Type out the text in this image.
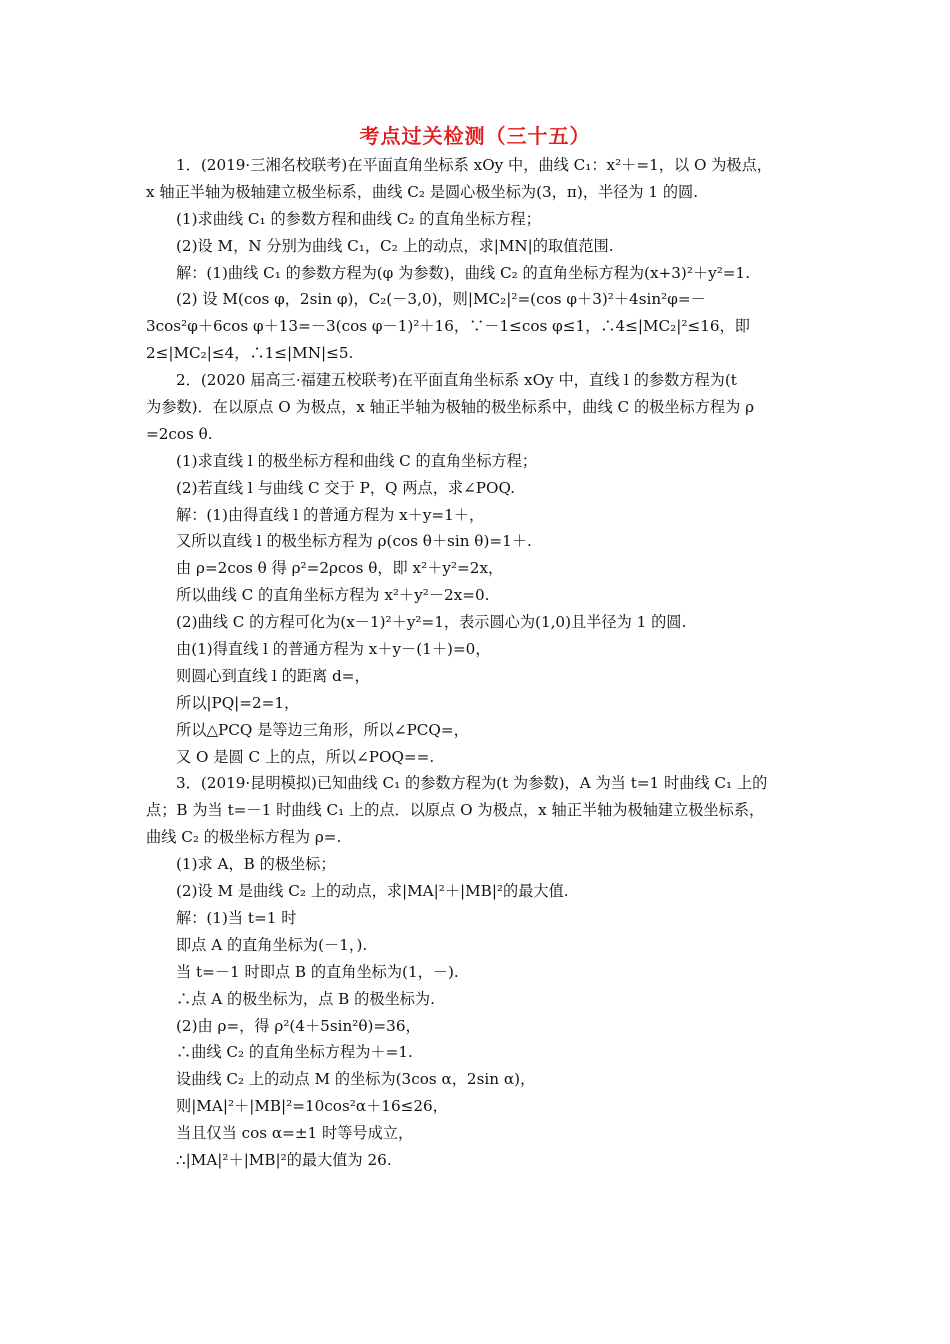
考点过关检测（三十五）
1．(2019·三湘名校联考)在平面直角坐标系 xOy 中，曲线 C₁：x²＋=1，以 O 为极点，
x 轴正半轴为极轴建立极坐标系，曲线 C₂ 是圆心极坐标为(3，π)，半径为 1 的圆.
(1)求曲线 C₁ 的参数方程和曲线 C₂ 的直角坐标方程；
(2)设 M，N 分别为曲线 C₁，C₂ 上的动点，求|MN|的取值范围.
解：(1)曲线 C₁ 的参数方程为(φ 为参数)，曲线 C₂ 的直角坐标方程为(x+3)²＋y²=1.
(2) 设 M(cos φ，2sin φ)，C₂(－3,0)，则|MC₂|²=(cos φ＋3)²＋4sin²φ=－
3cos²φ＋6cos φ＋13=－3(cos φ－1)²＋16，∵－1≤cos φ≤1，∴4≤|MC₂|²≤16，即
2≤|MC₂|≤4，∴1≤|MN|≤5.
2．(2020 届高三·福建五校联考)在平面直角坐标系 xOy 中，直线 l 的参数方程为(t
为参数)．在以原点 O 为极点，x 轴正半轴为极轴的极坐标系中，曲线 C 的极坐标方程为 ρ
=2cos θ.
(1)求直线 l 的极坐标方程和曲线 C 的直角坐标方程；
(2)若直线 l 与曲线 C 交于 P，Q 两点，求∠POQ.
解：(1)由得直线 l 的普通方程为 x＋y=1＋，
又所以直线 l 的极坐标方程为 ρ(cos θ＋sin θ)=1＋.
由 ρ=2cos θ 得 ρ²=2ρcos θ，即 x²＋y²=2x，
所以曲线 C 的直角坐标方程为 x²＋y²－2x=0.
(2)曲线 C 的方程可化为(x－1)²＋y²=1，表示圆心为(1,0)且半径为 1 的圆.
由(1)得直线 l 的普通方程为 x＋y－(1＋)=0，
则圆心到直线 l 的距离 d=，
所以|PQ|=2=1，
所以△PCQ 是等边三角形，所以∠PCQ=，
又 O 是圆 C 上的点，所以∠POQ==.
3．(2019·昆明模拟)已知曲线 C₁ 的参数方程为(t 为参数)，A 为当 t=1 时曲线 C₁ 上的
点；B 为当 t=－1 时曲线 C₁ 上的点．以原点 O 为极点，x 轴正半轴为极轴建立极坐标系，
曲线 C₂ 的极坐标方程为 ρ=.
(1)求 A，B 的极坐标；
(2)设 M 是曲线 C₂ 上的动点，求|MA|²＋|MB|²的最大值.
解：(1)当 t=1 时
即点 A 的直角坐标为(－1，).
当 t=－1 时即点 B 的直角坐标为(1，－).
∴点 A 的极坐标为，点 B 的极坐标为.
(2)由 ρ=，得 ρ²(4＋5sin²θ)=36，
∴曲线 C₂ 的直角坐标方程为＋=1.
设曲线 C₂ 上的动点 M 的坐标为(3cos α，2sin α)，
则|MA|²＋|MB|²=10cos²α＋16≤26，
当且仅当 cos α=±1 时等号成立，
∴|MA|²＋|MB|²的最大值为 26.
